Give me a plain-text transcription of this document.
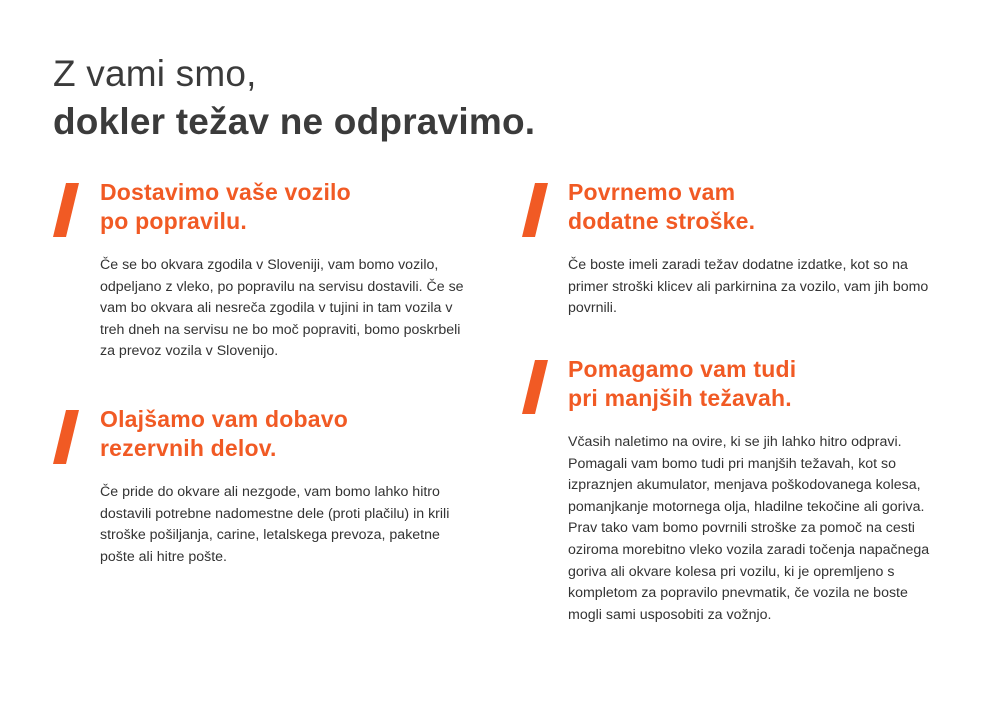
Z vami smo,
dokler težav ne odpravimo.
Dostavimo vaše vozilo
po popravilu.

Če se bo okvara zgodila v Sloveniji, vam bomo vozilo, odpeljano z vleko, po popravilu na servisu dostavili. Če se vam bo okvara ali nesreča zgodila v tujini in tam vozila v treh dneh na servisu ne bo moč popraviti, bomo poskrbeli za prevoz vozila v Slovenijo.

Olajšamo vam dobavo
rezervnih delov.

Če pride do okvare ali nezgode, vam bomo lahko hitro dostavili potrebne nadomestne dele (proti plačilu) in krili stroške pošiljanja, carine, letalskega prevoza, paketne pošte ali hitre pošte.

Povrnemo vam
dodatne stroške.

Če boste imeli zaradi težav dodatne izdatke, kot so na primer stroški klicev ali parkirnina za vozilo, vam jih bomo povrnili.

Pomagamo vam tudi
pri manjših težavah.

Včasih naletimo na ovire, ki se jih lahko hitro odpravi. Pomagali vam bomo tudi pri manjših težavah, kot so izpraznjen akumulator, menjava poškodovanega kolesa, pomanjkanje motornega olja, hladilne tekočine ali goriva. Prav tako vam bomo povrnili stroške za pomoč na cesti oziroma morebitno vleko vozila zaradi točenja napačnega goriva ali okvare kolesa pri vozilu, ki je opremljeno s kompletom za popravilo pnevmatik, če vozila ne boste mogli sami usposobiti za vožnjo.
